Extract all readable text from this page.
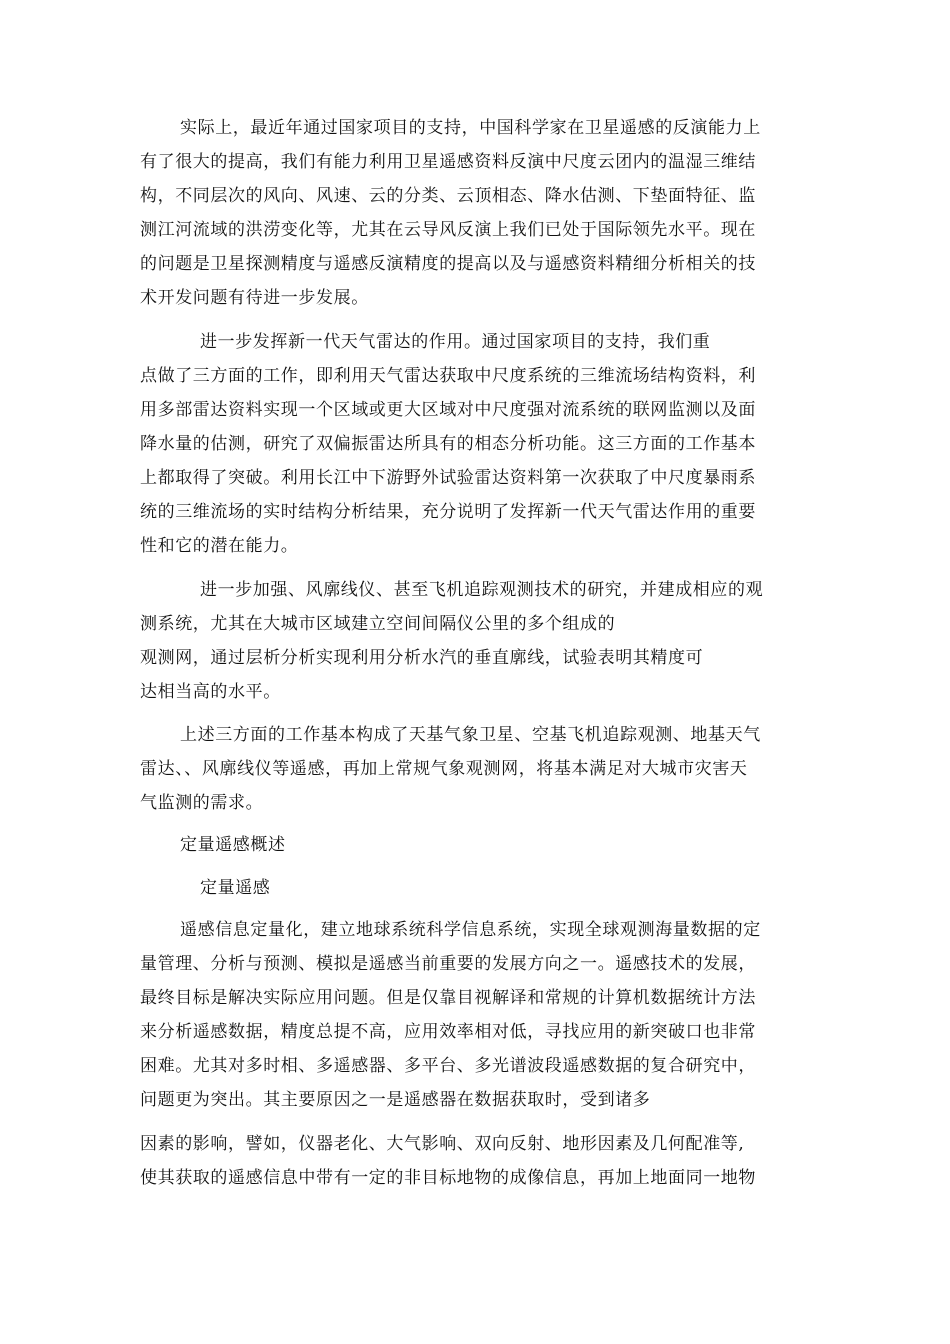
实际上，最近年通过国家项目的支持，中国科学家在卫星遥感的反演能力上
有了很大的提高，我们有能力利用卫星遥感资料反演中尺度云团内的温湿三维结
构，不同层次的风向、风速、云的分类、云顶相态、降水估测、下垫面特征、监
测江河流域的洪涝变化等，尤其在云导风反演上我们已处于国际领先水平。现在
的问题是卫星探测精度与遥感反演精度的提高以及与遥感资料精细分析相关的技
术开发问题有待进一步发展。
进一步发挥新一代天气雷达的作用。通过国家项目的支持，我们重
点做了三方面的工作，即利用天气雷达获取中尺度系统的三维流场结构资料，利
用多部雷达资料实现一个区域或更大区域对中尺度强对流系统的联网监测以及面
降水量的估测，研究了双偏振雷达所具有的相态分析功能。这三方面的工作基本
上都取得了突破。利用长江中下游野外试验雷达资料第一次获取了中尺度暴雨系
统的三维流场的实时结构分析结果，充分说明了发挥新一代天气雷达作用的重要
性和它的潜在能力。
进一步加强、风廓线仪、甚至飞机追踪观测技术的研究，并建成相应的观
测系统，尤其在大城市区域建立空间间隔仪公里的多个组成的
观测网，通过层析分析实现利用分析水汽的垂直廓线，试验表明其精度可
达相当高的水平。
上述三方面的工作基本构成了天基气象卫星、空基飞机追踪观测、地基天气
雷达、、风廓线仪等遥感，再加上常规气象观测网，将基本满足对大城市灾害天
气监测的需求。
定量遥感概述
定量遥感
遥感信息定量化，建立地球系统科学信息系统，实现全球观测海量数据的定
量管理、分析与预测、模拟是遥感当前重要的发展方向之一。遥感技术的发展，
最终目标是解决实际应用问题。但是仅靠目视解译和常规的计算机数据统计方法
来分析遥感数据，精度总提不高，应用效率相对低，寻找应用的新突破口也非常
困难。尤其对多时相、多遥感器、多平台、多光谱波段遥感数据的复合研究中，
问题更为突出。其主要原因之一是遥感器在数据获取时，受到诸多
因素的影响，譬如，仪器老化、大气影响、双向反射、地形因素及几何配准等,
使其获取的遥感信息中带有一定的非目标地物的成像信息，再加上地面同一地物
